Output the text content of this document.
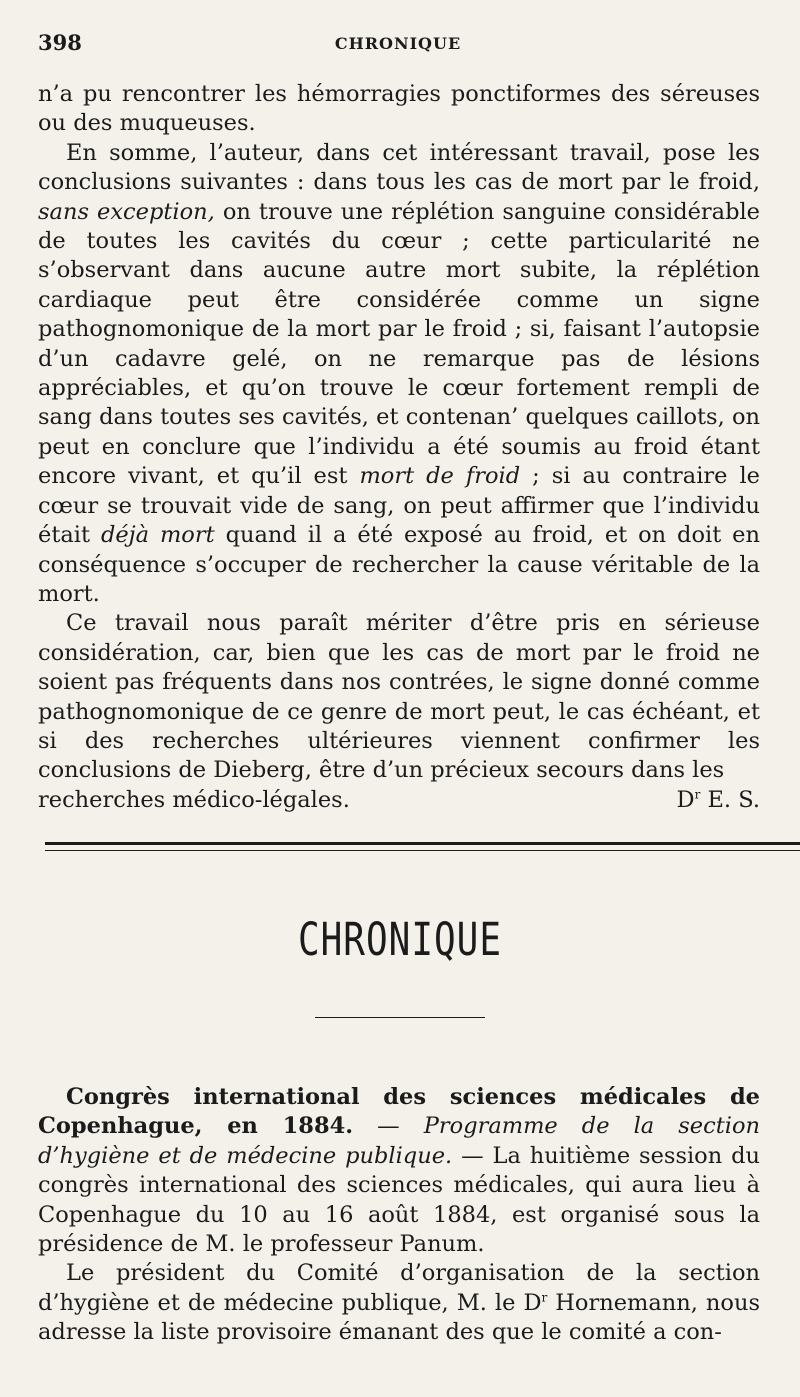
398	CHRONIQUE

n’a pu rencontrer les hémorragies ponctiformes des séreuses ou des muqueuses.

En somme, l’auteur, dans cet intéressant travail, pose les conclusions suivantes : dans tous les cas de mort par le froid, sans exception, on trouve une réplétion sanguine considérable de toutes les cavités du cœur ; cette particularité ne s’observant dans aucune autre mort subite, la réplétion cardiaque peut être considérée comme un signe pathognomonique de la mort par le froid ; si, faisant l’autopsie d’un cadavre gelé, on ne remarque pas de lésions appréciables, et qu’on trouve le cœur fortement rempli de sang dans toutes ses cavités, et contenan’ quelques caillots, on peut en conclure que l’individu a été soumis au froid étant encore vivant, et qu’il est mort de froid ; si au contraire le cœur se trouvait vide de sang, on peut affirmer que l’individu était déjà mort quand il a été exposé au froid, et on doit en conséquence s’occuper de rechercher la cause véritable de la mort.

Ce travail nous paraît mériter d’être pris en sérieuse considération, car, bien que les cas de mort par le froid ne soient pas fréquents dans nos contrées, le signe donné comme pathognomonique de ce genre de mort peut, le cas échéant, et si des recherches ultérieures viennent confirmer les conclusions de Dieberg, être d’un précieux secours dans les

recherches médico-légales.	$D^r$ E. S.
CHRONIQUE

Congrès international des sciences médicales de Copenhague, en 1884. — Programme de la section d’hygiène et de médecine publique. — La huitième session du congrès international des sciences médicales, qui aura lieu à Copenhague du 10 au 16 août 1884, est organisé sous la présidence de M. le professeur Panum.

Le président du Comité d’organisation de la section d’hygiène et de médecine publique, M. le $D^r$ Hornemann, nous adresse la liste provisoire émanant des que le comité a con-
